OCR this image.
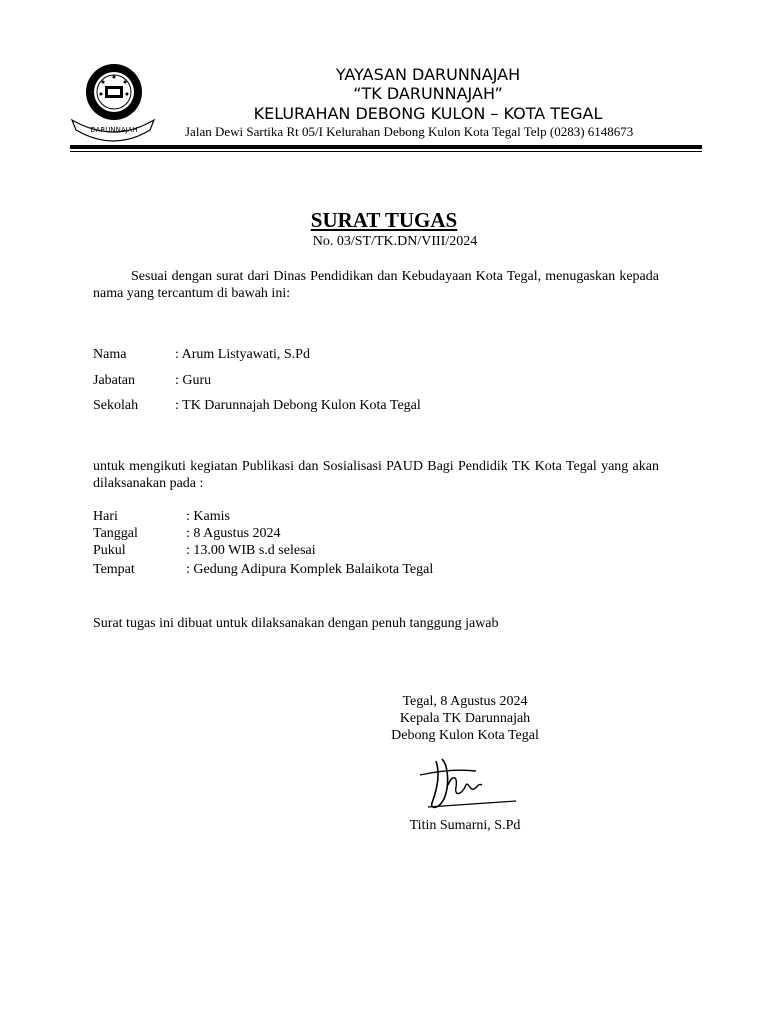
DARUNNAJAH
YAYASAN DARUNNAJAH
“TK DARUNNAJAH”
KELURAHAN DEBONG KULON – KOTA TEGAL
Jalan Dewi Sartika Rt 05/I Kelurahan Debong Kulon Kota Tegal Telp (0283) 6148673
SURAT TUGAS
No. 03/ST/TK.DN/VIII/2024
Sesuai dengan surat dari Dinas Pendidikan dan Kebudayaan Kota Tegal, menugaskan kepada nama yang tercantum di bawah ini:
Nama	: Arum Listyawati, S.Pd
Jabatan	: Guru
Sekolah	: TK Darunnajah Debong Kulon Kota Tegal
untuk mengikuti kegiatan Publikasi dan Sosialisasi PAUD Bagi Pendidik TK Kota Tegal yang akan dilaksanakan pada :
Hari	: Kamis
Tanggal	: 8 Agustus 2024
Pukul	: 13.00 WIB s.d selesai
Tempat	: Gedung Adipura Komplek Balaikota Tegal
Surat tugas ini dibuat untuk dilaksanakan dengan penuh tanggung jawab
Tegal, 8 Agustus 2024
Kepala TK Darunnajah
Debong Kulon Kota Tegal
Titin Sumarni, S.Pd
